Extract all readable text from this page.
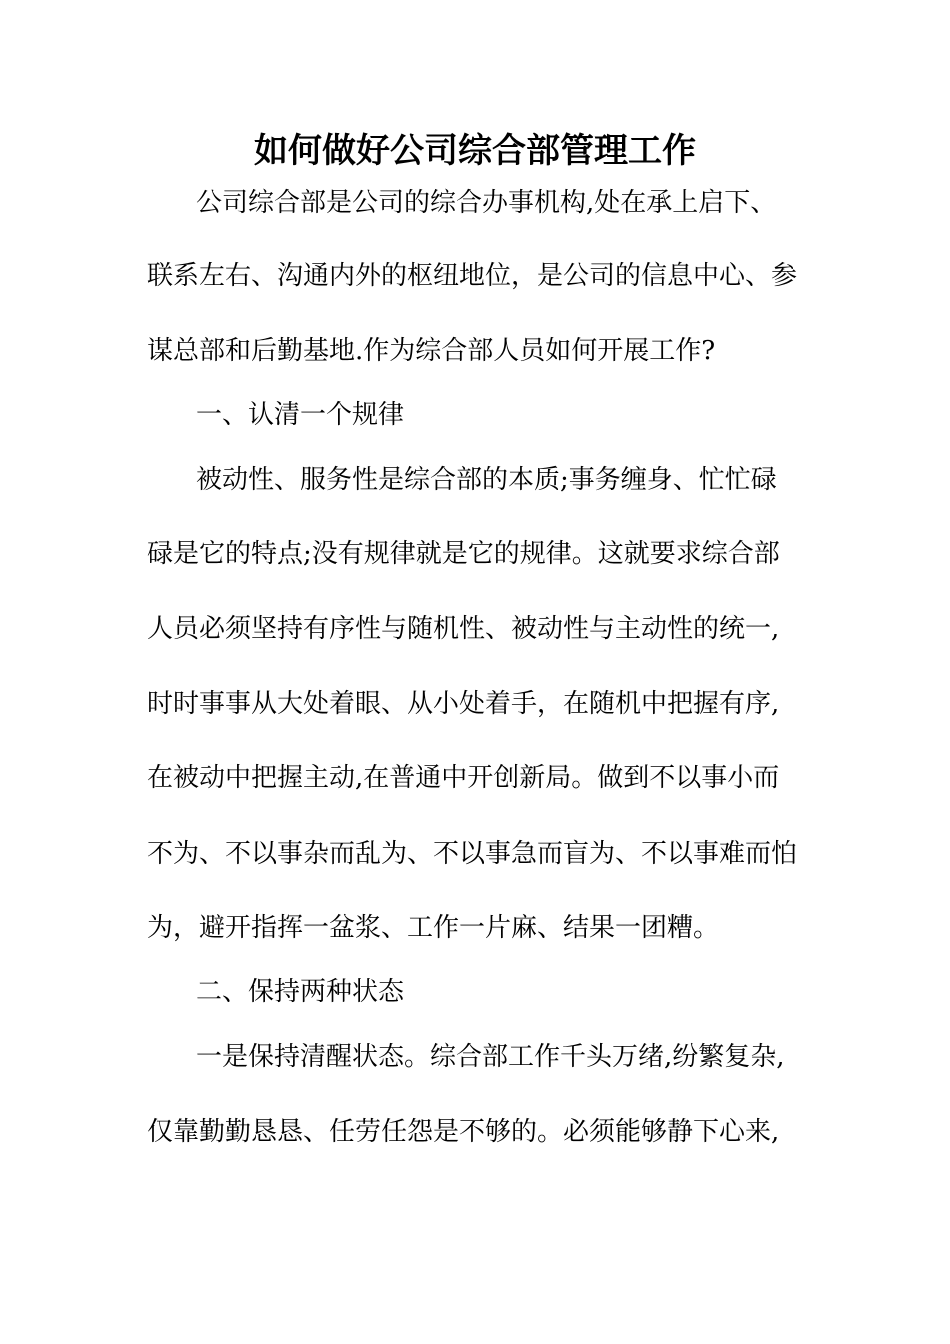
如何做好公司综合部管理工作
公司综合部是公司的综合办事机构,处在承上启下、
联系左右、沟通内外的枢纽地位，是公司的信息中心、参
谋总部和后勤基地.作为综合部人员如何开展工作?
一、认清一个规律
被动性、服务性是综合部的本质;事务缠身、忙忙碌
碌是它的特点;没有规律就是它的规律。这就要求综合部
人员必须坚持有序性与随机性、被动性与主动性的统一,
时时事事从大处着眼、从小处着手，在随机中把握有序,
在被动中把握主动,在普通中开创新局。做到不以事小而
不为、不以事杂而乱为、不以事急而盲为、不以事难而怕
为，避开指挥一盆浆、工作一片麻、结果一团糟。
二、保持两种状态
一是保持清醒状态。综合部工作千头万绪,纷繁复杂,
仅靠勤勤恳恳、任劳任怨是不够的。必须能够静下心来,
